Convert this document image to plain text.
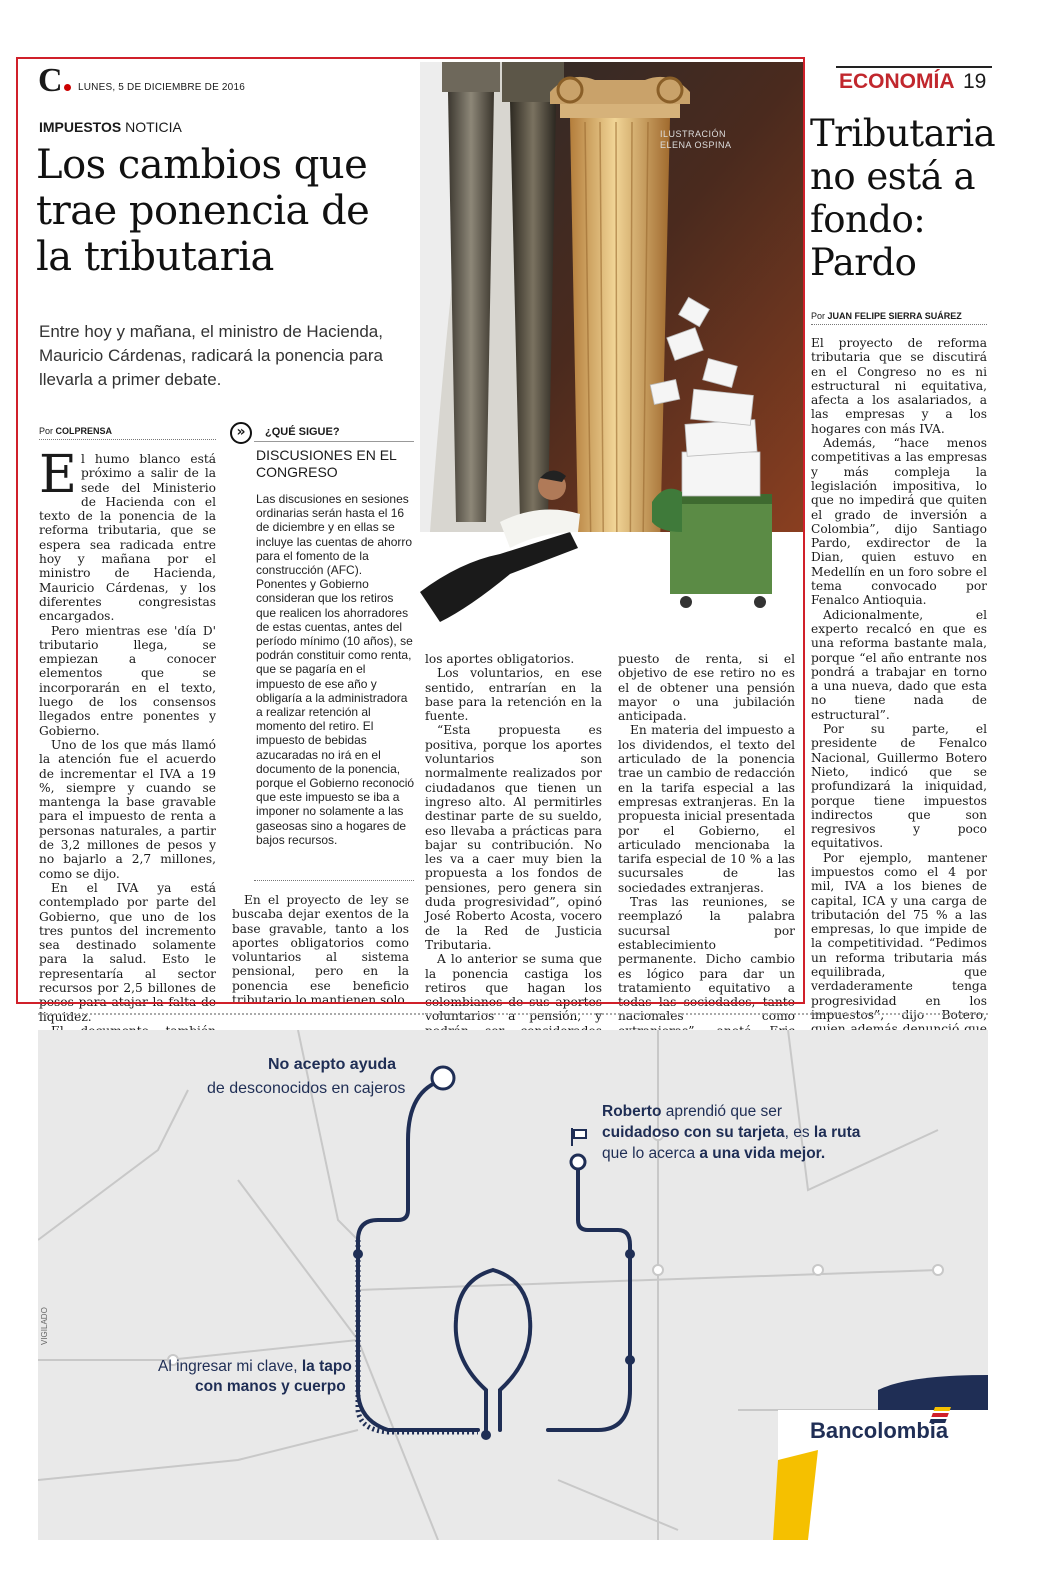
C	LUNES, 5 DE DICIEMBRE DE 2016	ECONOMÍA 19
ILUSTRACIÓN
ELENA OSPINA
IMPUESTOS NOTICIA
Los cambios que trae ponencia de la tributaria
Entre hoy y mañana, el ministro de Hacienda, Mauricio Cárdenas, radicará la ponencia para llevarla a primer debate.
Por COLPRENSA

El humo blanco está próximo a salir de la sede del Ministerio de Hacienda con el texto de la ponencia de la reforma tributaria, que se espera sea radicada entre hoy y mañana por el ministro de Hacienda, Mauricio Cárdenas, y los diferentes congresistas encargados.

Pero mientras ese 'día D' tributario llega, se empiezan a conocer elementos que se incorporarán en el texto, luego de los consensos llegados entre ponentes y Gobierno.

Uno de los que más llamó la atención fue el acuerdo de incrementar el IVA a 19 %, siempre y cuando se mantenga la base gravable para el impuesto de renta a personas naturales, a partir de 3,2 millones de pesos y no bajarlo a 2,7 millones, como se dijo.

En el IVA ya está contemplado por parte del Gobierno, que uno de los tres puntos del incremento sea destinado solamente para la salud. Esto le representaría al sector recursos por 2,5 billones de pesos para atajar la falta de liquidez.

»	¿QUÉ SIGUE?
DISCUSIONES EN EL CONGRESO
Las discusiones en sesiones ordinarias serán hasta el 16 de diciembre y en ellas se incluye las cuentas de ahorro para el fomento de la construcción (AFC). Ponentes y Gobierno consideran que los retiros que realicen los ahorradores de estas cuentas, antes del período mínimo (10 años), se podrán constituir como renta, que se pagaría en el impuesto de ese año y obligaría a la administradora a realizar retención al momento del retiro. El impuesto de bebidas azucaradas no irá en el documento de la ponencia, porque el Gobierno reconoció que este impuesto se iba a imponer no solamente a las gaseosas sino a hogares de bajos recursos.

En el proyecto de ley se buscaba dejar exentos de la base gravable, tanto a los aportes obligatorios como voluntarios al sistema pensional, pero en la ponencia ese beneficio tributario lo mantienen solo

los aportes obligatorios.

Los voluntarios, en ese sentido, entrarían en la base para la retención en la fuente.

“Esta propuesta es positiva, porque los aportes voluntarios son normalmente realizados por ciudadanos que tienen un ingreso alto. Al permitirles destinar parte de su sueldo, eso llevaba a prácticas para bajar su contribución. No les va a caer muy bien la propuesta a los fondos de pensiones, pero genera sin duda progresividad”, opinó José Roberto Acosta, vocero de la Red de Justicia Tributaria.

A lo anterior se suma que la ponencia castiga los retiros que hagan los colombianos de sus aportes voluntarios a pensión, y

puesto de renta, si el objetivo de ese retiro no es el de obtener una pensión mayor o una jubilación anticipada.

En materia del impuesto a los dividendos, el texto del articulado de la ponencia trae un cambio de redacción en la tarifa especial a las empresas extranjeras. En la propuesta inicial presentada por el Gobierno, el articulado mencionaba la tarifa especial de 10 % a las sucursales de las sociedades extranjeras.

Tras las reuniones, se reemplazó la palabra sucursal por establecimiento permanente. Dicho cambio es lógico para dar un tratamiento equitativo a todas las sociedades, tanto nacionales como

Tributaria no está a fondo: Pardo
Por JUAN FELIPE SIERRA SUÁREZ

El proyecto de reforma tributaria que se discutirá en el Congreso no es ni estructural ni equitativa, afecta a los asalariados, a las empresas y a los hogares con más IVA.

Además, “hace menos competitivas a las empresas y más compleja la legislación impositiva, lo que no impedirá que quiten el grado de inversión a Colombia”, dijo Santiago Pardo, exdirector de la Dian, quien estuvo en Medellín en un foro sobre el tema convocado por Fenalco Antioquia.

Adicionalmente, el experto recalcó en que es una reforma bastante mala, porque “el año entrante nos pondrá a trabajar en torno a una nueva, dado que esta no tiene nada de estructural”.

Por su parte, el presidente de Fenalco Nacional, Guillermo Botero Nieto, indicó que se profundizará la iniquidad, porque tiene impuestos indirectos que son regresivos y poco equitativos.

Por ejemplo, mantener impuestos como el 4 por mil, IVA a los bienes de capital, ICA y una carga de tributación del 75 % a las empresas, lo que impide de la competitividad. “Pedimos un reforma tributaria más equilibrada, que verdaderamente tenga progresividad en los impuestos”, dijo Botero,

No acepto ayuda
de desconocidos en cajeros
Roberto aprendió que ser cuidadoso con su tarjeta, es la ruta que lo acerca a una vida mejor.
Al ingresar mi clave, la tapo
con manos y cuerpo
Bancolombia
VIGILADO
